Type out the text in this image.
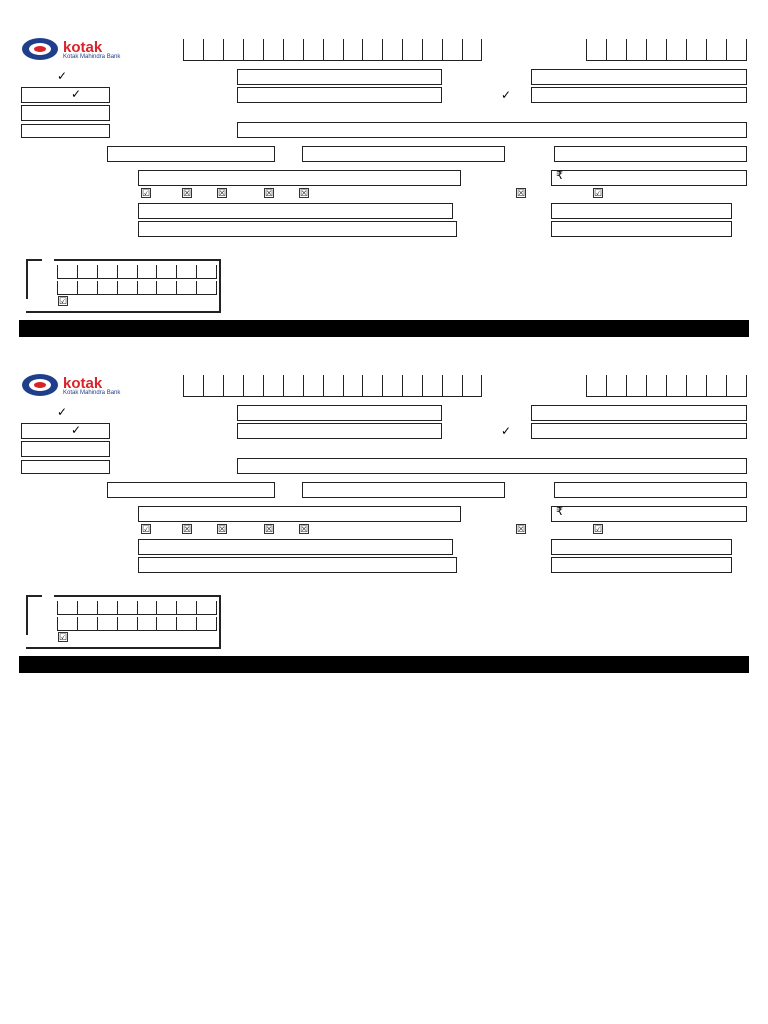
kotak
Kotak Mahindra Bank
✓
✓	✓
₹
☑	☒	☒	☒	☒	☒	☑
☑
kotak
Kotak Mahindra Bank
✓
✓	✓
₹
☑	☒	☒	☒	☒	☒	☑
☑
